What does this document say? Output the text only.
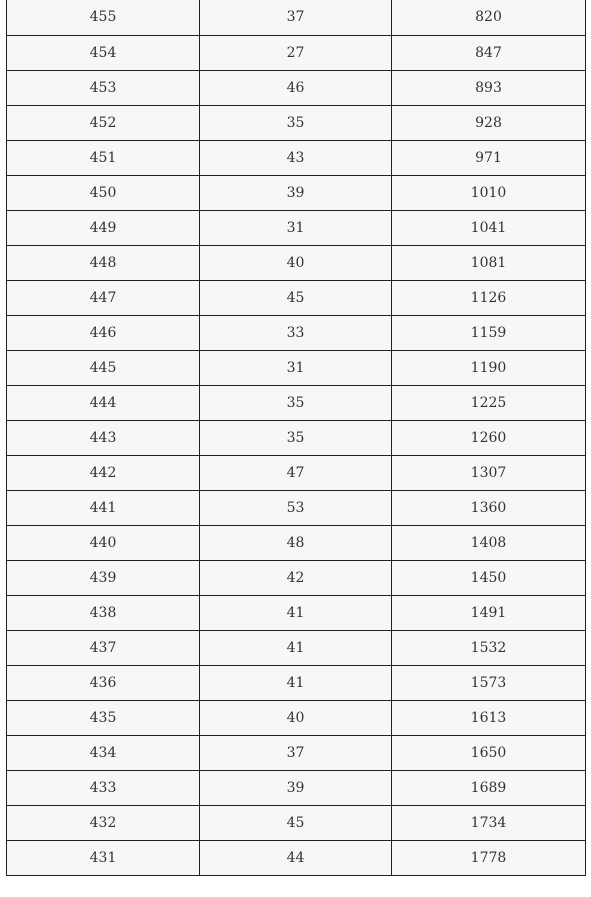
455	37	820
454	27	847
453	46	893
452	35	928
451	43	971
450	39	1010
449	31	1041
448	40	1081
447	45	1126
446	33	1159
445	31	1190
444	35	1225
443	35	1260
442	47	1307
441	53	1360
440	48	1408
439	42	1450
438	41	1491
437	41	1532
436	41	1573
435	40	1613
434	37	1650
433	39	1689
432	45	1734
431	44	1778
